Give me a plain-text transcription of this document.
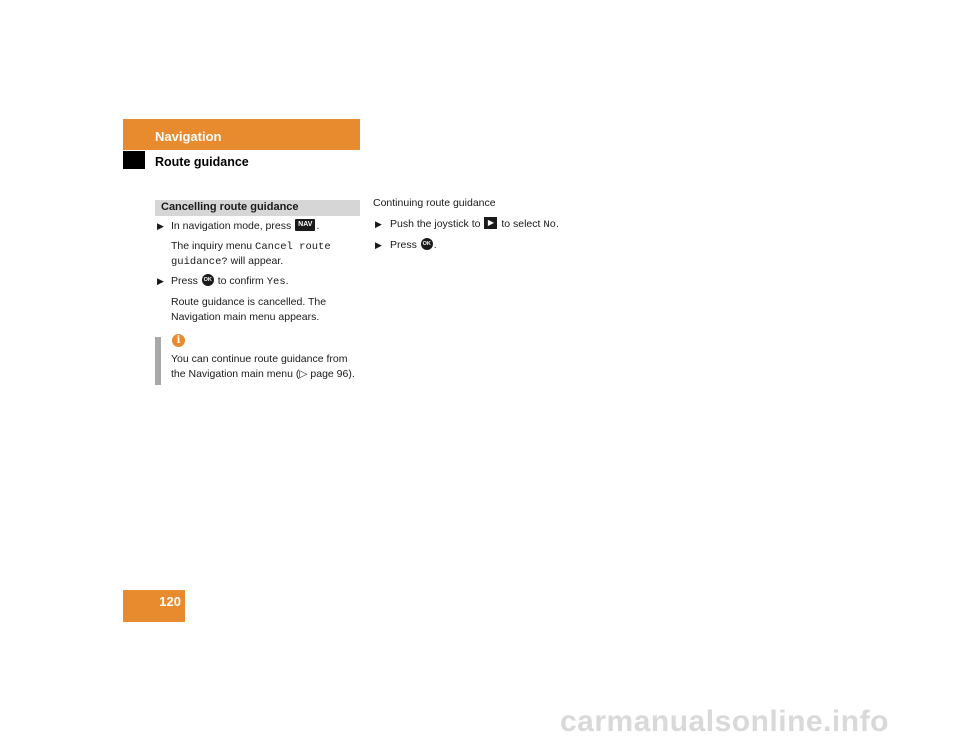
Navigation
Route guidance
Cancelling route guidance
▶ In navigation mode, press NAV .
The inquiry menu Cancel route
guidance? will appear.
▶ Press OK to confirm Yes.
Route guidance is cancelled. The
Navigation main menu appears.
i
You can continue route guidance from
the Navigation main menu (▷ page 96).
Continuing route guidance
▶ Push the joystick to ▶ to select No.
▶ Press OK .
120
carmanualsonline.info
